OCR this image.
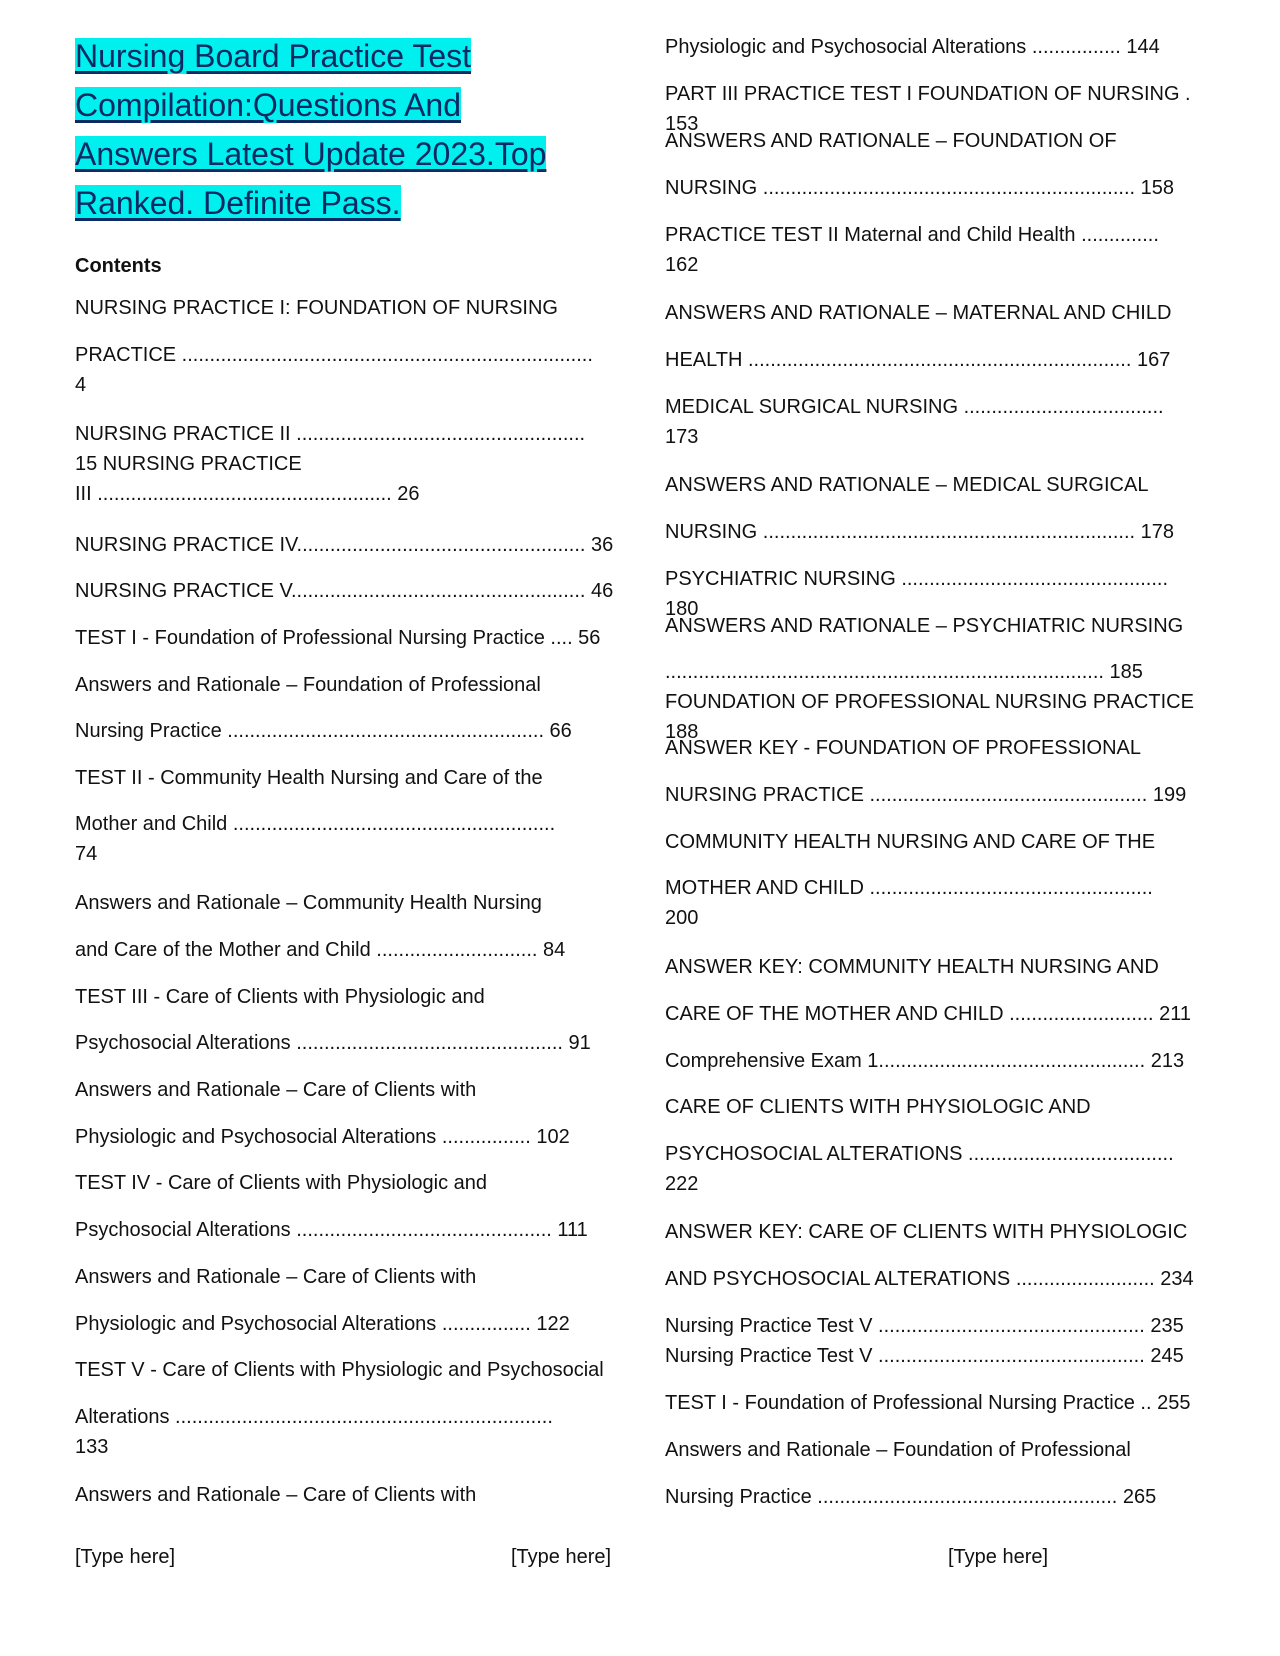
Nursing Board Practice Test
Compilation:Questions And
Answers Latest Update 2023.Top
Ranked. Definite Pass.
Contents
NURSING PRACTICE I: FOUNDATION OF NURSING
PRACTICE ..........................................................................
4
NURSING PRACTICE II ....................................................
15 NURSING PRACTICE
III ..................................................... 26
NURSING PRACTICE IV.................................................... 36
NURSING PRACTICE V..................................................... 46
TEST I - Foundation of Professional Nursing Practice .... 56
Answers and Rationale – Foundation of Professional
Nursing Practice ......................................................... 66
TEST II - Community Health Nursing and Care of the
Mother and Child ..........................................................
74
Answers and Rationale – Community Health Nursing
and Care of the Mother and Child ............................. 84
TEST III - Care of Clients with Physiologic and
Psychosocial Alterations ................................................ 91
Answers and Rationale – Care of Clients with
Physiologic and Psychosocial Alterations ................ 102
TEST IV - Care of Clients with Physiologic and
Psychosocial Alterations .............................................. 111
Answers and Rationale – Care of Clients with
Physiologic and Psychosocial Alterations ................ 122
TEST V - Care of Clients with Physiologic and Psychosocial
Alterations ....................................................................
133
Answers and Rationale – Care of Clients with
Physiologic and Psychosocial Alterations ................ 144
PART III PRACTICE TEST I FOUNDATION OF NURSING . 153
ANSWERS AND RATIONALE – FOUNDATION OF
NURSING ................................................................... 158
PRACTICE TEST II Maternal and Child Health ..............
162
ANSWERS AND RATIONALE – MATERNAL AND CHILD
HEALTH ..................................................................... 167
MEDICAL SURGICAL NURSING ....................................
173
ANSWERS AND RATIONALE – MEDICAL SURGICAL
NURSING ................................................................... 178
PSYCHIATRIC NURSING ................................................ 180
ANSWERS AND RATIONALE – PSYCHIATRIC NURSING
............................................................................... 185
FOUNDATION OF PROFESSIONAL NURSING PRACTICE 188
ANSWER KEY - FOUNDATION OF PROFESSIONAL
NURSING PRACTICE .................................................. 199
COMMUNITY HEALTH NURSING AND CARE OF THE
MOTHER AND CHILD ...................................................
200
ANSWER KEY: COMMUNITY HEALTH NURSING AND
CARE OF THE MOTHER AND CHILD .......................... 211
Comprehensive Exam 1................................................ 213
CARE OF CLIENTS WITH PHYSIOLOGIC AND
PSYCHOSOCIAL ALTERATIONS .....................................
222
ANSWER KEY: CARE OF CLIENTS WITH PHYSIOLOGIC
AND PSYCHOSOCIAL ALTERATIONS ......................... 234
Nursing Practice Test V ................................................ 235
Nursing Practice Test V ................................................ 245
TEST I - Foundation of Professional Nursing Practice .. 255
Answers and Rationale – Foundation of Professional
Nursing Practice ...................................................... 265
[Type here]	[Type here]	[Type here]
